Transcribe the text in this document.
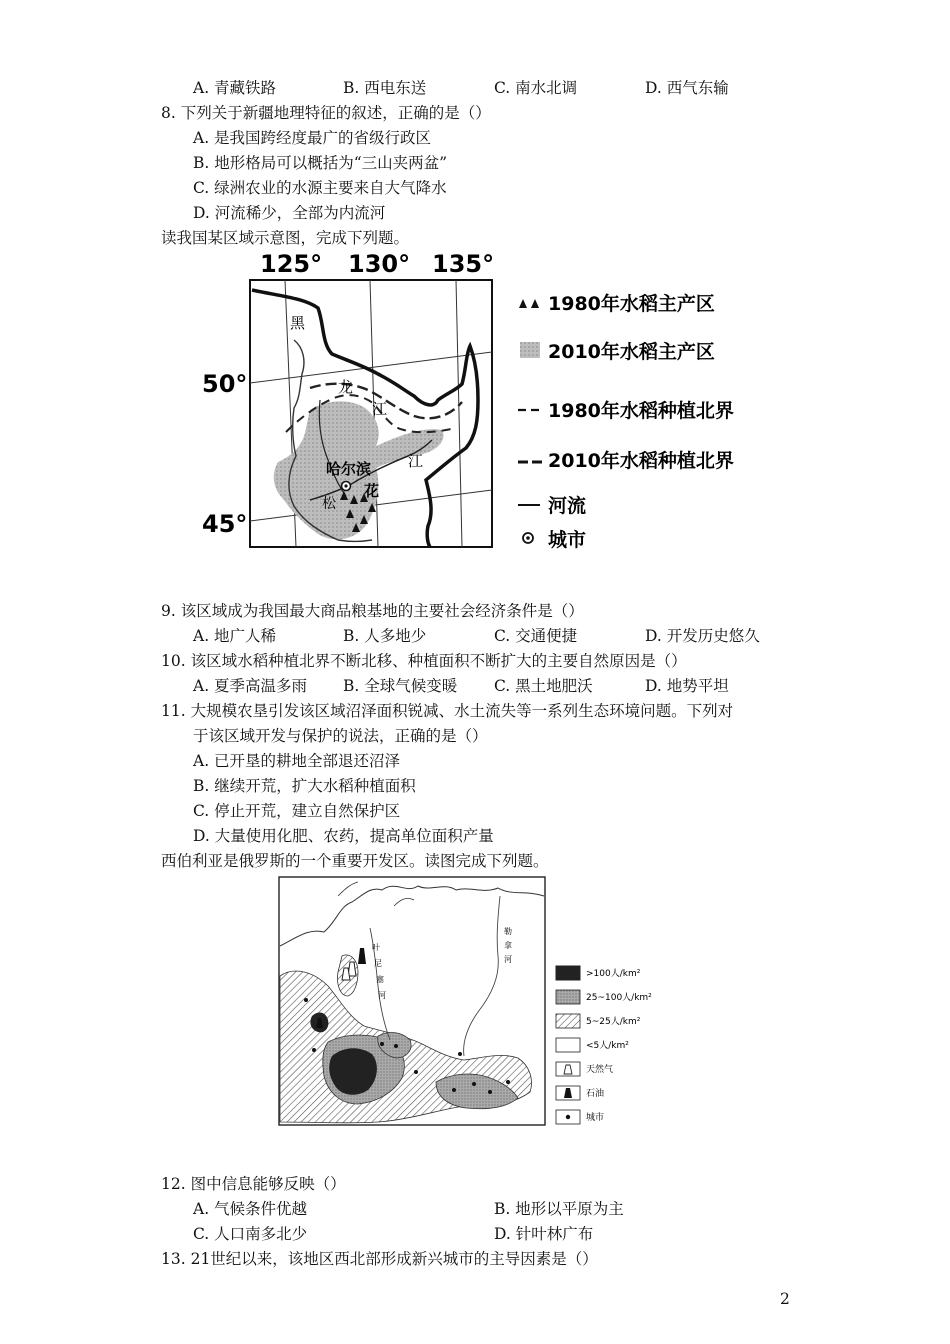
A. 青藏铁路	B. 西电东送	C. 南水北调	D. 西气东输
8. 下列关于新疆地理特征的叙述，正确的是（）
A. 是我国跨经度最广的省级行政区
B. 地形格局可以概括为“三山夹两盆”
C. 绿洲农业的水源主要来自大气降水
D. 河流稀少，全部为内流河
读我国某区域示意图，完成下列题。
125° 130° 135°
50°
45°
黑
龙
江
江
哈尔滨
花
松
1980年水稻主产区
2010年水稻主产区
1980年水稻种植北界
2010年水稻种植北界
河流
城市
9. 该区域成为我国最大商品粮基地的主要社会经济条件是（）
A. 地广人稀	B. 人多地少	C. 交通便捷	D. 开发历史悠久
10. 该区域水稻种植北界不断北移、种植面积不断扩大的主要自然原因是（）
A. 夏季高温多雨 B. 全球气候变暖 C. 黑土地肥沃	D. 地势平坦
11. 大规模农垦引发该区域沼泽面积锐减、水土流失等一系列生态环境问题。下列对
于该区域开发与保护的说法，正确的是（）
A. 已开垦的耕地全部退还沼泽
B. 继续开荒，扩大水稻种植面积
C. 停止开荒，建立自然保护区
D. 大量使用化肥、农药，提高单位面积产量
西伯利亚是俄罗斯的一个重要开发区。读图完成下列题。
叶
尼
塞
河
勒
拿
河
>100人/km²
25~100人/km²
5~25人/km²
<5人/km²
天然气
石油
城市
12. 图中信息能够反映（）
A. 气候条件优越	B. 地形以平原为主
C. 人口南多北少	D. 针叶林广布
13. 21世纪以来，该地区西北部形成新兴城市的主导因素是（）
2
